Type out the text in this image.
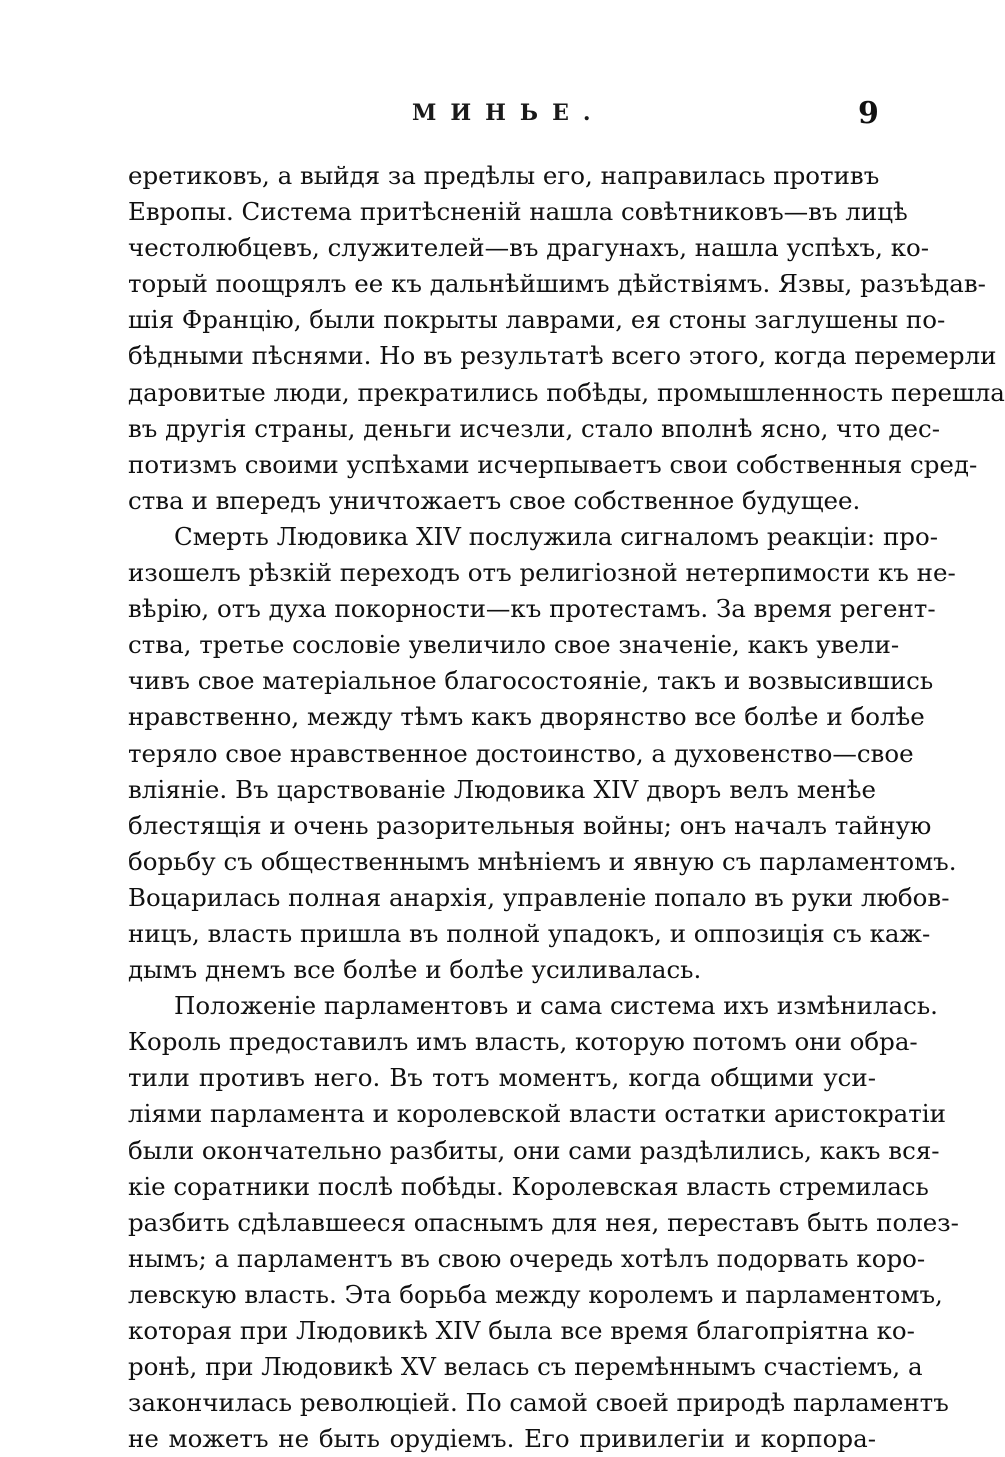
МИНЬЕ.	9
еретиковъ, а выйдя за предѣлы его, направилась противъ
Европы. Система притѣсненій нашла совѣтниковъ—въ лицѣ
честолюбцевъ, служителей—въ драгунахъ, нашла успѣхъ, ко-
торый поощрялъ ее къ дальнѣйшимъ дѣйствіямъ. Язвы, разъѣдав-
шія Францію, были покрыты лаврами, ея стоны заглушены по-
бѣдными пѣснями. Но въ результатѣ всего этого, когда перемерли
даровитые люди, прекратились побѣды, промышленность перешла
въ другія страны, деньги исчезли, стало вполнѣ ясно, что дес-
потизмъ своими успѣхами исчерпываетъ свои собственныя сред-
ства и впередъ уничтожаетъ свое собственное будущее.
Смерть Людовика XIV послужила сигналомъ реакціи: про-
изошелъ рѣзкій переходъ отъ религіозной нетерпимости къ не-
вѣрію, отъ духа покорности—къ протестамъ. За время регент-
ства, третье сословіе увеличило свое значеніе, какъ увели-
чивъ свое матеріальное благосостояніе, такъ и возвысившись
нравственно, между тѣмъ какъ дворянство все болѣе и болѣе
теряло свое нравственное достоинство, а духовенство—свое
вліяніе. Въ царствованіе Людовика XIV дворъ велъ менѣе
блестящія и очень разорительныя войны; онъ началъ тайную
борьбу съ общественнымъ мнѣніемъ и явную съ парламентомъ.
Воцарилась полная анархія, управленіе попало въ руки любов-
ницъ, власть пришла въ полной упадокъ, и оппозиція съ каж-
дымъ днемъ все болѣе и болѣе усиливалась.
Положеніе парламентовъ и сама система ихъ измѣнилась.
Король предоставилъ имъ власть, которую потомъ они обра-
тили противъ него. Въ тотъ моментъ, когда общими уси-
ліями парламента и королевской власти остатки аристократіи
были окончательно разбиты, они сами раздѣлились, какъ вся-
кіе соратники послѣ побѣды. Королевская власть стремилась
разбить сдѣлавшееся опаснымъ для нея, переставъ быть полез-
нымъ; а парламентъ въ свою очередь хотѣлъ подорвать коро-
левскую власть. Эта борьба между королемъ и парламентомъ,
которая при Людовикѣ XIV была все время благопріятна ко-
ронѣ, при Людовикѣ XV велась съ перемѣннымъ счастіемъ, а
закончилась революціей. По самой своей природѣ парламентъ
не можетъ не быть орудіемъ. Его привилегіи и корпора-
